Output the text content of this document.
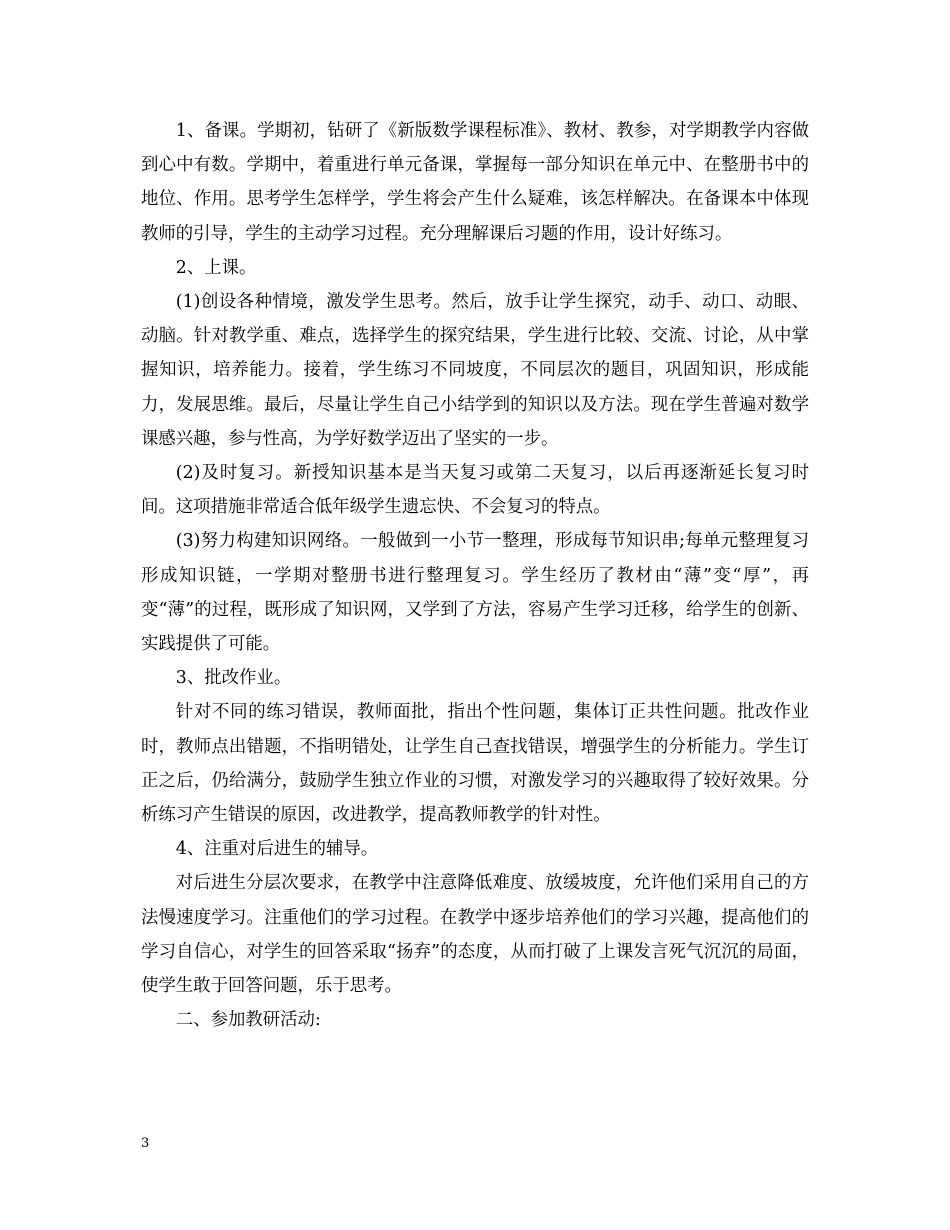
1、备课。学期初，钻研了《新版数学课程标准》、教材、教参，对学期教学内容做到心中有数。学期中，着重进行单元备课，掌握每一部分知识在单元中、在整册书中的地位、作用。思考学生怎样学，学生将会产生什么疑难，该怎样解决。在备课本中体现教师的引导，学生的主动学习过程。充分理解课后习题的作用，设计好练习。

2、上课。

(1)创设各种情境，激发学生思考。然后，放手让学生探究，动手、动口、动眼、动脑。针对教学重、难点，选择学生的探究结果，学生进行比较、交流、讨论，从中掌握知识，培养能力。接着，学生练习不同坡度，不同层次的题目，巩固知识，形成能力，发展思维。最后，尽量让学生自己小结学到的知识以及方法。现在学生普遍对数学课感兴趣，参与性高，为学好数学迈出了坚实的一步。

(2)及时复习。新授知识基本是当天复习或第二天复习，以后再逐渐延长复习时间。这项措施非常适合低年级学生遗忘快、不会复习的特点。

(3)努力构建知识网络。一般做到一小节一整理，形成每节知识串;每单元整理复习形成知识链，一学期对整册书进行整理复习。学生经历了教材由“薄”变“厚”，再变“薄”的过程，既形成了知识网，又学到了方法，容易产生学习迁移，给学生的创新、实践提供了可能。

3、批改作业。

针对不同的练习错误，教师面批，指出个性问题，集体订正共性问题。批改作业时，教师点出错题，不指明错处，让学生自己查找错误，增强学生的分析能力。学生订正之后，仍给满分，鼓励学生独立作业的习惯，对激发学习的兴趣取得了较好效果。分析练习产生错误的原因，改进教学，提高教师教学的针对性。

4、注重对后进生的辅导。

对后进生分层次要求，在教学中注意降低难度、放缓坡度，允许他们采用自己的方法慢速度学习。注重他们的学习过程。在教学中逐步培养他们的学习兴趣，提高他们的学习自信心，对学生的回答采取“扬弃”的态度，从而打破了上课发言死气沉沉的局面，使学生敢于回答问题，乐于思考。

二、参加教研活动:

3
